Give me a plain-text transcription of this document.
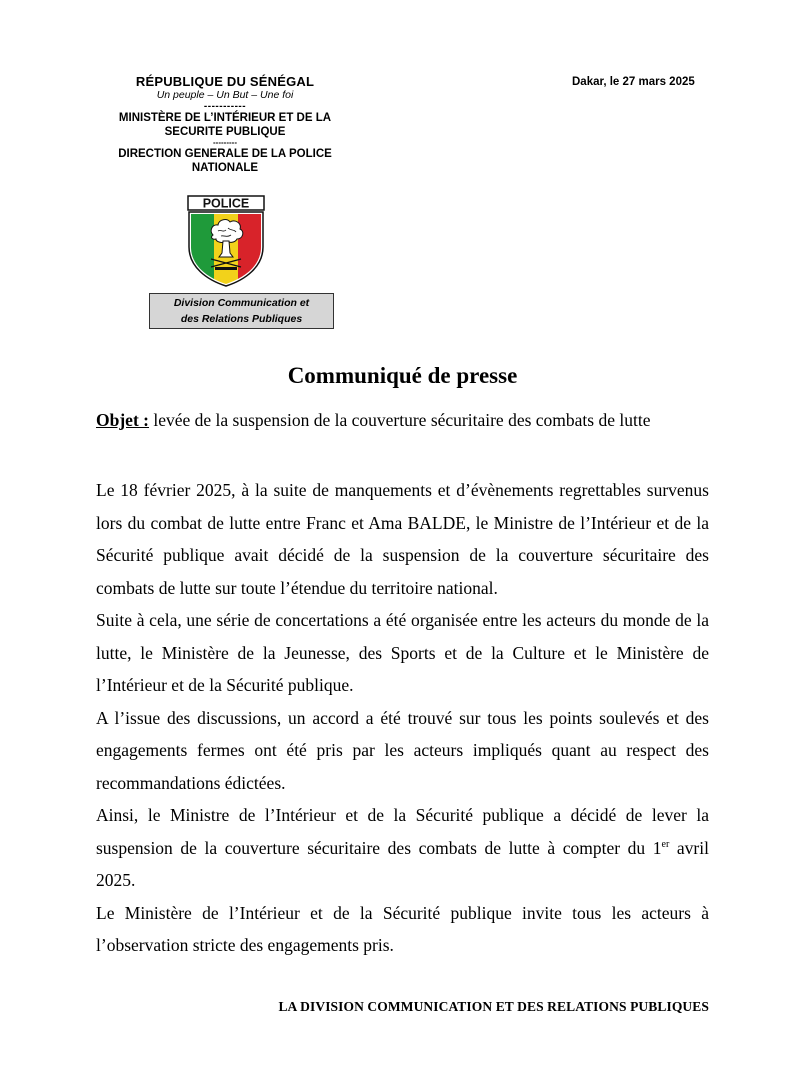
RÉPUBLIQUE DU SÉNÉGAL
Un peuple – Un But – Une foi
-----------
MINISTÈRE DE L’INTÉRIEUR ET DE LA SECURITE PUBLIQUE
---------
DIRECTION GENERALE DE LA POLICE NATIONALE
POLICE
Division Communication et
des Relations Publiques
Dakar, le 27 mars 2025
Communiqué de presse
Objet : levée de la suspension de la couverture sécuritaire des combats de lutte

Le 18 février 2025, à la suite de manquements et d’évènements regrettables survenus lors du combat de lutte entre Franc et Ama BALDE, le Ministre de l’Intérieur et de la Sécurité publique avait décidé de la suspension de la couverture sécuritaire des combats de lutte sur toute l’étendue du territoire national.

Suite à cela, une série de concertations a été organisée entre les acteurs du monde de la lutte, le Ministère de la Jeunesse, des Sports et de la Culture et le Ministère de l’Intérieur et de la Sécurité publique.

A l’issue des discussions, un accord a été trouvé sur tous les points soulevés et des engagements fermes ont été pris par les acteurs impliqués quant au respect des recommandations édictées.

Ainsi, le Ministre de l’Intérieur et de la Sécurité publique a décidé de lever la suspension de la couverture sécuritaire des combats de lutte à compter du 1er avril 2025.

Le Ministère de l’Intérieur et de la Sécurité publique invite tous les acteurs à l’observation stricte des engagements pris.

LA DIVISION COMMUNICATION ET DES RELATIONS PUBLIQUES
